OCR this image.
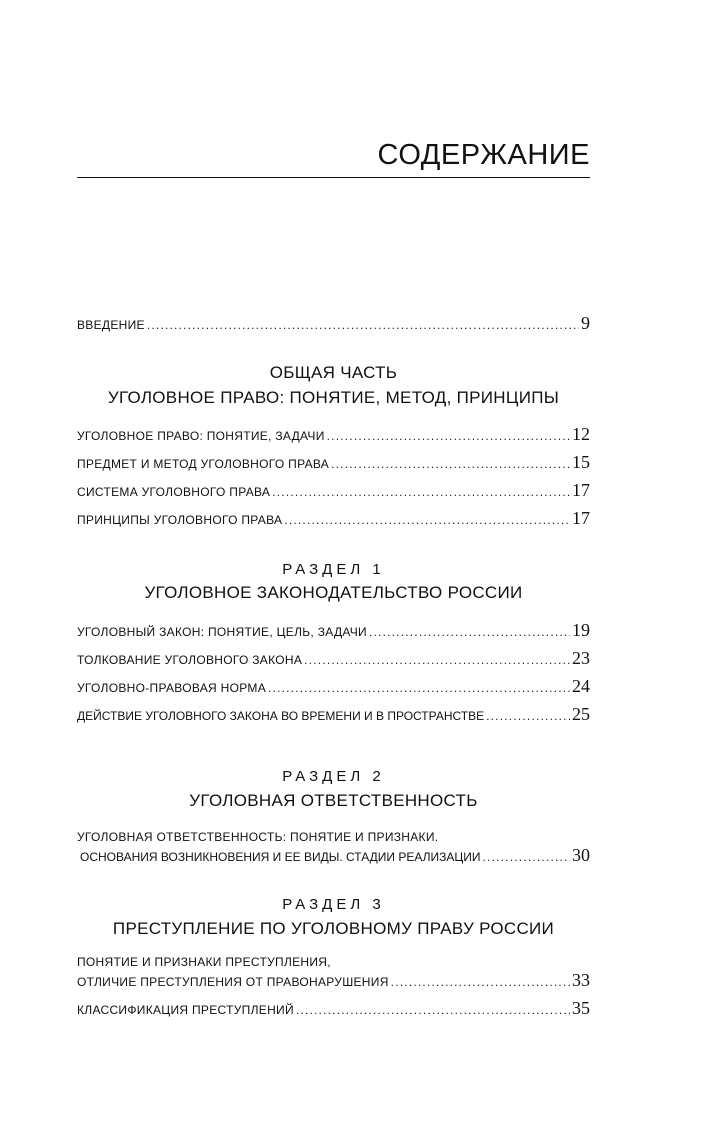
СОДЕРЖАНИЕ
ВВЕДЕНИЕ .....	9
ОБЩАЯ ЧАСТЬ
УГОЛОВНОЕ ПРАВО: ПОНЯТИЕ, МЕТОД, ПРИНЦИПЫ
УГОЛОВНОЕ ПРАВО: ПОНЯТИЕ, ЗАДАЧИ .....	12
ПРЕДМЕТ И МЕТОД УГОЛОВНОГО ПРАВА .....	15
СИСТЕМА УГОЛОВНОГО ПРАВА .....	17
ПРИНЦИПЫ УГОЛОВНОГО ПРАВА .....	17
РАЗДЕЛ 1
УГОЛОВНОЕ ЗАКОНОДАТЕЛЬСТВО РОССИИ
УГОЛОВНЫЙ ЗАКОН: ПОНЯТИЕ, ЦЕЛЬ, ЗАДАЧИ .....	19
ТОЛКОВАНИЕ УГОЛОВНОГО ЗАКОНА .....	23
УГОЛОВНО-ПРАВОВАЯ НОРМА .....	24
ДЕЙСТВИЕ УГОЛОВНОГО ЗАКОНА ВО ВРЕМЕНИ И В ПРОСТРАНСТВЕ .....	25
РАЗДЕЛ 2
УГОЛОВНАЯ ОТВЕТСТВЕННОСТЬ
УГОЛОВНАЯ ОТВЕТСТВЕННОСТЬ: ПОНЯТИЕ И ПРИЗНАКИ.
ОСНОВАНИЯ ВОЗНИКНОВЕНИЯ И ЕЕ ВИДЫ. СТАДИИ РЕАЛИЗАЦИИ .....	30
РАЗДЕЛ 3
ПРЕСТУПЛЕНИЕ ПО УГОЛОВНОМУ ПРАВУ РОССИИ
ПОНЯТИЕ И ПРИЗНАКИ ПРЕСТУПЛЕНИЯ,
ОТЛИЧИЕ ПРЕСТУПЛЕНИЯ ОТ ПРАВОНАРУШЕНИЯ .....	33
КЛАССИФИКАЦИЯ ПРЕСТУПЛЕНИЙ .....	35
